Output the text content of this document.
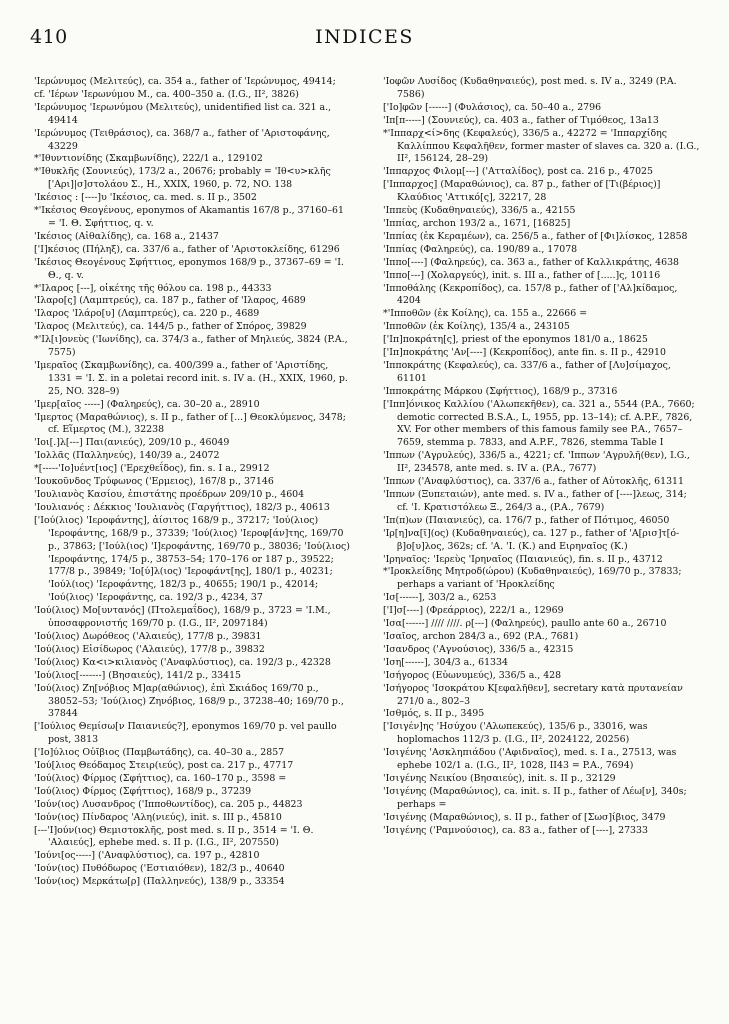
410	INDICES

'Ιερώνυμος (Μελιτεύς), ca. 354 a., father of 'Ιερώνυμος, 49414;

cf. 'Ιέρων 'Ιερωνύμου Μ., ca. 400–350 a. (I.G., II², 3826)

'Ιερώνυμος 'Ιερωνύμου (Μελιτεύς), unidentified list ca. 321 a., 49414

'Ιερώνυμος (Τειθράσιος), ca. 368/7 a., father of 'Αριστοφάνης, 43229

*'Ιθυντιονίδης (Σκαμβωνίδης), 222/1 a., 129102

*'Ιθυκλῆς (Σουνιεύς), 173/2 a., 20676; probably = 'Ιθ<υ>κλῆς ['Αρι]|σ]στολάου Σ., H., XXIX, 1960, p. 72, NO. 138

'Ικέσιος : [----]υ 'Ικέσιος, ca. med. s. II p., 3502

*'Ικέσιος Θεογένους, eponymos of Akamantis 167/8 p., 37160–61 = 'Ι. Θ. Σφήττιος, q. v.

'Ικέσιος (Αἰθαλίδης), ca. 168 a., 21437

['Ι]κέσιος (Πήληξ), ca. 337/6 a., father of 'Αριστοκλείδης, 61296

'Ικέσιος Θεογένους Σφήττιος, eponymos 168/9 p., 37367–69 = 'Ι. Θ., q. v.

*'Ιλαρος [---], οἰκέτης τῆς θόλου ca. 198 p., 44333

'Ιλαρο[ς] (Λαμπτρεύς), ca. 187 p., father of 'Ιλαρος, 4689

'Ιλαρος 'Ιλάρο[υ] (Λαμπτρεύς), ca. 220 p., 4689

'Ιλαρος (Μελιτεύς), ca. 144/5 p., father of Σπόρος, 39829

*'Ιλ[ι]ονεὺς ('Ιωνίδης), ca. 374/3 a., father of Μηλιεύς, 3824 (P.A., 7575)

'Ιμεραῖος (Σκαμβωνίδης), ca. 400/399 a., father of 'Αριστίδης, 1331 = 'Ι. Σ. in a poletai record init. s. IV a. (H., XXIX, 1960, p. 25, NO. 328–9)

'Ιμερ[αῖος -----] (Φαληρεύς), ca. 30–20 a., 28910

'Ιμερτος (Μαραθώνιος), s. II p., father of [...] Θεοκλύμενος, 3478; cf. Εἵμερτος (Μ.), 32238

'Ιοι[.]λ[---] Παι(ανιεύς), 209/10 p., 46049

'Ιολλᾶς (Παλληνεύς), 140/39 a., 24072

*[-----'Ιο]υέντ[ιος] ('Ερεχθεΐδος), fin. s. I a., 29912

'Ιουκοῦνδος Τρύφωνος ('Ερμειος), 167/8 p., 37146

'Ιουλιανὸς Κασίου, ἐπιστάτης προέδρων 209/10 p., 4604

'Ιουλιανός : Δέκκιος 'Ιουλιανὸς (Γαργήττιος), 182/3 p., 40613

['Ιού(λιος) 'Ιεροφάντης], ἀίσιτος 168/9 p., 37217; 'Ιού(λιος) 'Ιεροφάντης, 168/9 p., 37339; 'Ιού(λιος) 'Ιεροφ[άν]της, 169/70 p., 37863; ['Ιούλ(ιος) 'Ι]εροφάντης, 169/70 p., 38036; 'Ιού(λιος) 'Ιεροφάντης, 174/5 p., 38753–54; 170–176 or 187 p., 39522; 177/8 p., 39849; 'Ιο[ύ]λ(ιος) 'Ιεροφάντ[ης], 180/1 p., 40231; 'Ιούλ(ιος) 'Ιεροφάντης, 182/3 p., 40655; 190/1 p., 42014; 'Ιού(λιος) 'Ιεροφάντης, ca. 192/3 p., 4234, 37

'Ιού(λιος) Μο[υντανός] (Πτολεμαΐδος), 168/9 p., 3723 = 'Ι.Μ., ὑποσαφρονιστής 169/70 p. (I.G., II², 2097184)

'Ιού(λιος) Δωρόθεος ('Αλαιεύς), 177/8 p., 39831

'Ιού(λιος) Εἰσίδωρος ('Αλαιεύς), 177/8 p., 39832

'Ιού(λιος) Κα<ι>κιλιανὸς ('Αναφλύστιος), ca. 192/3 p., 42328

'Ιού(λιος[-------] (Βησαιεύς), 141/2 p., 33415

'Ιού(λιος) Ζη[νόβιος Μ]αρ(αθώνιος), ἐπὶ Σκιάδος 169/70 p., 38052–53; 'Ιού(λιος) Ζηνόβιος, 168/9 p., 37238–40; 169/70 p., 37844

['Ιούλιος Θεμίσω[ν Παιανιεύς?], eponymos 169/70 p. vel paullo post, 3813

['Ιο]ύλιος Οὐῖβιος (Παμβωτάδης), ca. 40–30 a., 2857

'Ιού[λιος Θεόδαμος Στειρ(ιεύς), post ca. 217 p., 47717

'Ιού(λιος) Φίρμος (Σφήττιος), ca. 160–170 p., 3598 =

'Ιού(λιος) Φίρμος (Σφήττιος), 168/9 p., 37239

'Ιούν(ιος) Λυσανδρος ('Ιπποθωντίδος), ca. 205 p., 44823

'Ιούν(ιος) Πίνδαρος 'Αλη(νιεύς), init. s. III p., 45810

[---'Ι]ούν(ιος) Θεμιστοκλῆς, post med. s. II p., 3514 = 'Ι. Θ. 'Αλαιεύς], ephebe med. s. II p. (I.G., II², 207550)

'Ιούνι[ος-----] ('Αναφλύστιος), ca. 197 p., 42810

'Ιούν(ιος) Πυθόδωρος ('Εστιαιόθεν), 182/3 p., 40640

'Ιούν(ιος) Μερκάτω[ρ] (Παλληνεύς), 138/9 p., 33354

'Ιοφῶν Λυσίδος (Κυδαθηναιεύς), post med. s. IV a., 3249 (P.A. 7586)

['Ιο]φῶν [------] (Φυλάσιος), ca. 50–40 a., 2796

'Ιπ[π-----] (Σουνιεύς), ca. 403 a., father of Τιμόθεος, 13a13

*'Ιππαρχ<ί>δης (Κεφαλεύς), 336/5 a., 42272 = 'Ιππαρχίδης Καλλίππου Κεφαλῆθεν, former master of slaves ca. 320 a. (I.G., II², 156124, 28–29)

'Ιππαρχος Φιλομ[---] ('Ατταλίδος), post ca. 216 p., 47025

['Ιππαρχος] (Μαραθώνιος), ca. 87 p., father of [Τι(βέριος)] Κλαύδιος 'Αττικό[ς], 32217, 28

'Ιππεὺς (Κυδαθηναιεύς), 336/5 a., 42155

'Ιππίας, archon 193/2 a., 1671, [16825]

'Ιππίας (ἐκ Κεραμέων), ca. 256/5 a., father of [Φι]λίσκος, 12858

'Ιππίας (Φαληρεύς), ca. 190/89 a., 17078

'Ιππο[----] (Φαληρεύς), ca. 363 a., father of Καλλικράτης, 4638

'Ιππο[---] (Χολαργεύς), init. s. III a., father of [.....]ς, 10116

'Ιπποθάλης (Κεκροπίδος), ca. 157/8 p., father of ['Αλ]κίδαμος, 4204

*'Ιπποθῶν (ἐκ Κοίλης), ca. 155 a., 22666 =

'Ιπποθῶν (ἐκ Κοίλης), 135/4 a., 243105

['Ιπ]ποκράτη[ς], priest of the eponymos 181/0 a., 18625

['Ιπ]ποκράτης 'Αν[----] (Κεκροπίδος), ante fin. s. II p., 42910

'Ιπποκράτης (Κεφαλεύς), ca. 337/6 a., father of [Λυ]σίμαχος, 61101

'Ιπποκράτης Μάρκου (Σφήττιος), 168/9 p., 37316

['Ιππ]όνικος Καλλίου ('Αλωπεκῆθεν), ca. 321 a., 5544 (P.A., 7660; demotic corrected B.S.A., L, 1955, pp. 13–14); cf. A.P.F., 7826, XV. For other members of this famous family see P.A., 7657–7659, stemma p. 7833, and A.P.F., 7826, stemma Table I

'Ιππων ('Αγρυλεύς), 336/5 a., 4221; cf. 'Ιππων 'Αγρυλῆ(θεν), I.G., II², 234578, ante med. s. IV a. (P.A., 7677)

'Ιππων ('Αναφλύστιος), ca. 337/6 a., father of Αὐτοκλῆς, 61311

'Ιππων (Ξυπεταιών), ante med. s. IV a., father of [----]λεως, 314; cf. 'Ι. Κρατιστόλεω Ξ., 264/3 a., (P.A., 7679)

'Ιπ(π)ων (Παιανιεύς), ca. 176/7 p., father of Πότιμος, 46050

'Ιρ[η]να[ῖ](ος) (Κυδαθηναιεύς), ca. 127 p., father of 'Α[ρισ]τ[ό-β]ο[υ]λος, 362s; cf. 'Α. 'Ι. (Κ.) and Ειρηναῖος (Κ.)

'Ιρηναῖος: 'Ιερεὺς 'Ιρηναῖος (Παιανιεύς), fin. s. II p., 43712

*'Ιροκλείδης Μητροδ(ώρου) (Κυδαθηναιεύς), 169/70 p., 37833; perhaps a variant of 'Ηροκλείδης

'Ισ[------], 303/2 a., 6253

['Ι]σ[----] (Φρεάρριος), 222/1 a., 12969

'Ισα[------] //// ////. ρ[---] (Φαληρεύς), paullo ante 60 a., 26710

'Ισαῖος, archon 284/3 a., 692 (P.A., 7681)

'Ισανδρος ('Αγνούσιος), 336/5 a., 42315

'Ιση[------], 304/3 a., 61334

'Ισήγορος (Εὐωνυμεύς), 336/5 a., 428

'Ισήγορος 'Ισοκράτου Κ[εφαλῆθεν], secretary κατὰ πρυτανείαν 271/0 a., 802–3

'Ισθμός, s. II p., 3495

['Ισιγέν]ης 'Ησύχου ('Αλωπεκεύς), 135/6 p., 33016, was hoplomachos 112/3 p. (I.G., II², 2024122, 20256)

'Ισιγένης 'Ασκληπιάδου ('Αφιδναῖος), med. s. I a., 27513, was ephebe 102/1 a. (I.G., II², 1028, II43 = P.A., 7694)

'Ισιγένης Νεικίου (Βησαιεύς), init. s. II p., 32129

'Ισιγένης (Μαραθώνιος), ca. init. s. II p., father of Λέω[ν], 340s; perhaps =

'Ισιγένης (Μαραθώνιος), s. II p., father of [Σωσ]ίβιος, 3479

'Ισιγένης ('Ραμνούσιος), ca. 83 a., father of [----], 27333
